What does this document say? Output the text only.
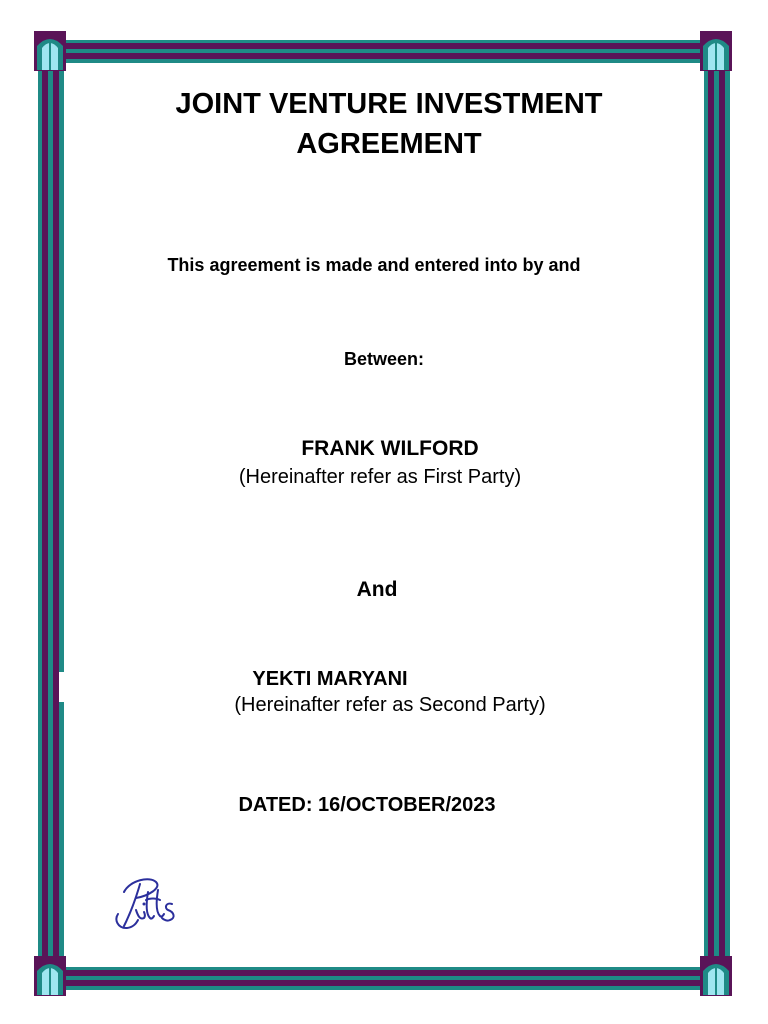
JOINT VENTURE INVESTMENT AGREEMENT

This agreement is made and entered into by and

Between:

FRANK WILFORD

(Hereinafter refer as First Party)

And

YEKTI MARYANI

(Hereinafter refer as Second Party)

DATED: 16/OCTOBER/2023
